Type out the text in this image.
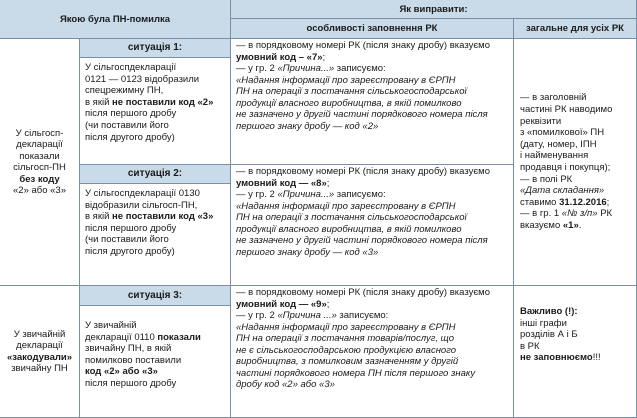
Якою була ПН-помилка
Як виправити:
особливості заповнення РК	загальне для усіх РК
У сільгосп-
декларації
показали
сільгосп-ПН
без коду
«2» або «3»
ситуація 1:
У сільгоспдекларації
0121 — 0123 відобразили
спецрежимну ПН,
в якій не поставили код «2»
після першого дробу
(чи поставили його
після другого дробу)
— в порядковому номері РК (після знаку дробу) вказуємо
умовний код – «7»;
— у гр. 2 «Причина...» записуємо:
«Надання інформації про зареєстровану в ЄРПН
ПН на операції з постачання сільськогосподарської
продукції власного виробництва, в якій помилково
не зазначено у другій частині порядкового номера після
першого знаку дробу — код «2»
ситуація 2:
У сільгоспдекларації 0130
відобразили сільгосп-ПН,
в якій не поставили код «3»
після першого дробу
(чи поставили його
після другого дробу)
— в порядковому номері РК (після знаку дробу) вказуємо
умовний код — «8»;
— у гр. 2 «Причина...» записуємо:
«Надання інформації про зареєстровану в ЄРПН
ПН на операції з постачання сільськогосподарської
продукції власного виробництва, в якій помилково
не зазначено у другій частині порядкового номера після
першого знаку дробу — код «3»
— в заголовній
частині РК наводимо
реквізити
з «помилкової» ПН
(дату, номер, ІПН
і найменування
продавця і покупця);
— в полі РК
«Дата складання»
ставимо 31.12.2016;
— в гр. 1 «№ з/п» РК
вказуємо «1».
У звичайній
декларації
«закодували»
звичайну ПН
ситуація 3:
У звичайній
декларації 0110 показали
звичайну ПН, в якій
помилково поставили
код «2» або «3»
після першого дробу
— в порядковому номері РК (після знаку дробу) вказуємо
умовний код — «9»;
— у гр. 2 «Причина ...» записуємо:
«Надання інформації про зареєстровану в ЄРПН
ПН на операції з постачання товарів/послуг, що
не є сільськогосподарською продукцією власного
виробництва, з помилковим зазначенням у другій
частині порядкового номера ПН після першого знаку
дробу код «2» або «3»
Важливо (!):
інші графи
розділів А і Б
в РК
не заповнюємо!!!
